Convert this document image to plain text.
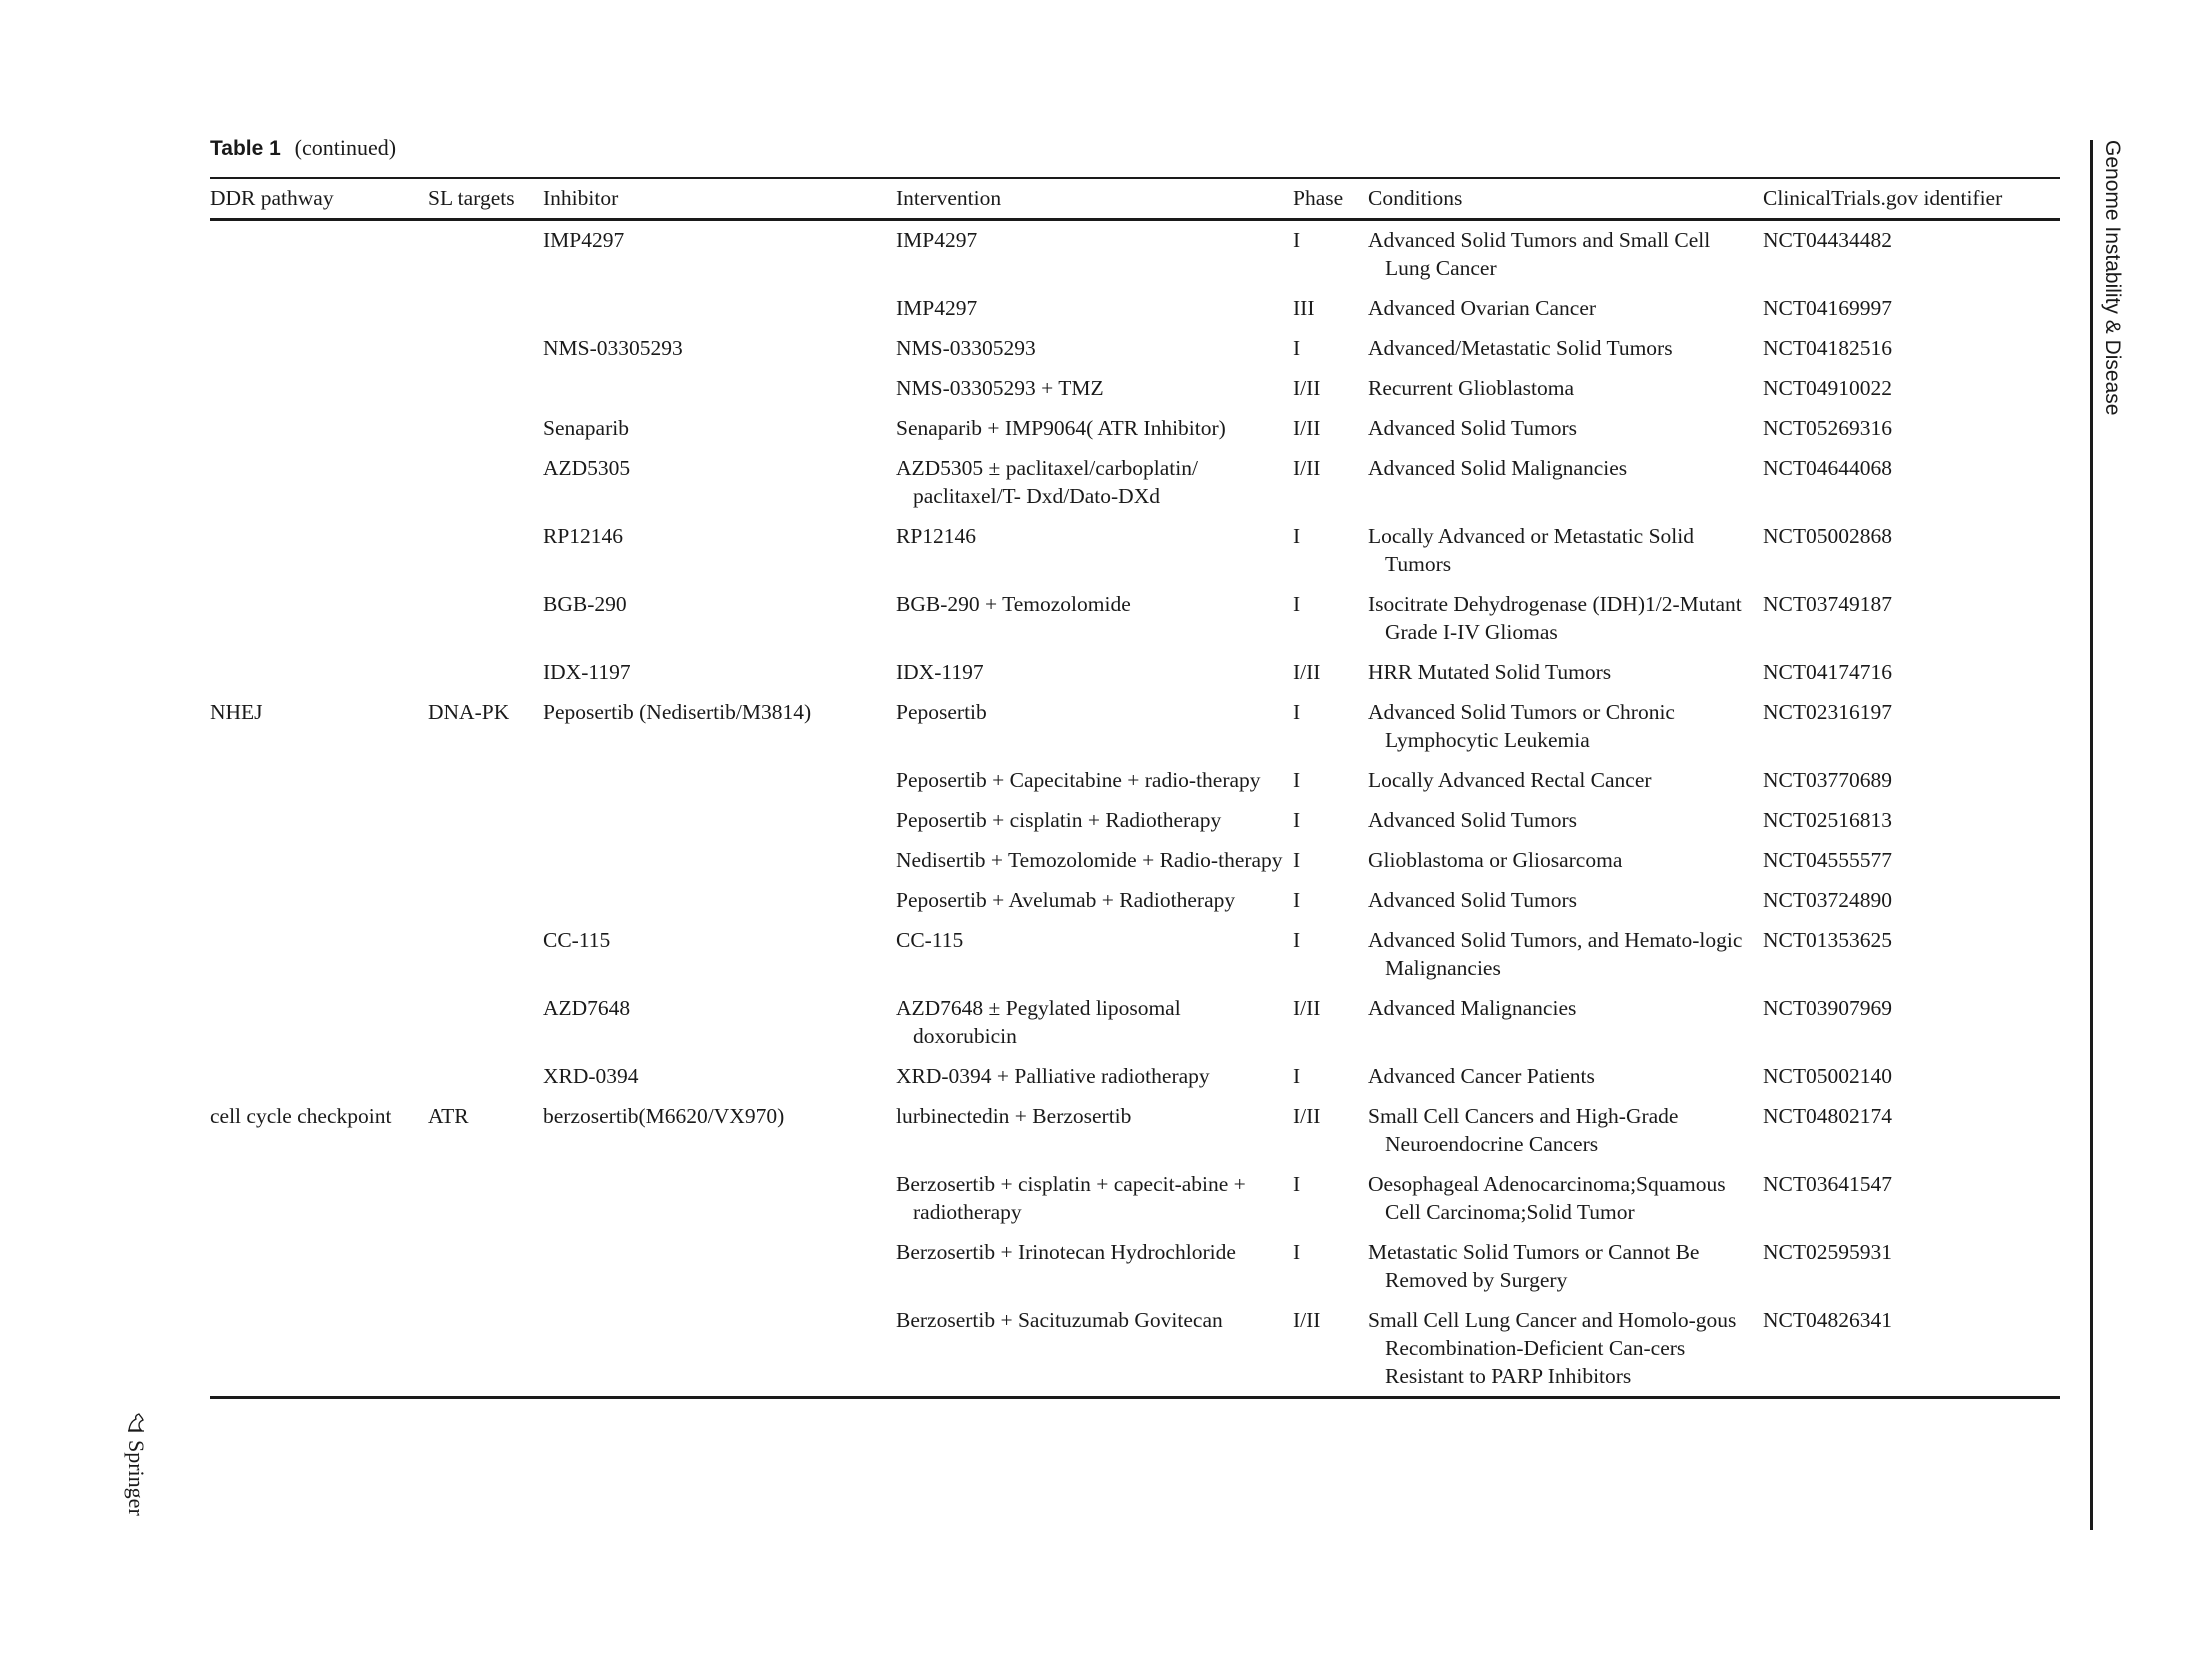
Table 1 (continued)	Genome Instability & Disease
Springer
DDR pathway	SL targets	Inhibitor	Intervention	Phase	Conditions	ClinicalTrials.gov identifier
		IMP4297	IMP4297	I	Advanced Solid Tumors and Small Cell Lung Cancer	NCT04434482

			IMP4297	III	Advanced Ovarian Cancer	NCT04169997
		NMS-03305293	NMS-03305293	I	Advanced/Metastatic Solid Tumors	NCT04182516

			NMS-03305293 + TMZ	I/II	Recurrent Glioblastoma	NCT04910022
		Senaparib	Senaparib + IMP9064( ATR Inhibitor)	I/II	Advanced Solid Tumors	NCT05269316
		AZD5305	AZD5305 ± paclitaxel/carboplatin/ paclitaxel/T- Dxd/Dato-DXd	I/II	Advanced Solid Malignancies	NCT04644068
		RP12146	RP12146	I	Locally Advanced or Metastatic Solid Tumors	NCT05002868
		BGB-290	BGB-290 + Temozolomide	I	Isocitrate Dehydrogenase (IDH)1/2-Mutant Grade I-IV Gliomas	NCT03749187
		IDX-1197	IDX-1197	I/II	HRR Mutated Solid Tumors	NCT04174716
NHEJ	DNA-PK	Peposertib (Nedisertib/M3814)	Peposertib	I	Advanced Solid Tumors or Chronic Lymphocytic Leukemia	NCT02316197

			Peposertib + Capecitabine + radio-therapy	I	Locally Advanced Rectal Cancer	NCT03770689

			Peposertib + cisplatin + Radiotherapy	I	Advanced Solid Tumors	NCT02516813

			Nedisertib + Temozolomide + Radio-therapy	I	Glioblastoma or Gliosarcoma	NCT04555577

			Peposertib + Avelumab + Radiotherapy	I	Advanced Solid Tumors	NCT03724890
		CC-115	CC-115	I	Advanced Solid Tumors, and Hemato-logic Malignancies	NCT01353625
		AZD7648	AZD7648 ± Pegylated liposomal doxorubicin	I/II	Advanced Malignancies	NCT03907969
		XRD-0394	XRD-0394 + Palliative radiotherapy	I	Advanced Cancer Patients	NCT05002140
cell cycle checkpoint	ATR	berzosertib(M6620/VX970)	lurbinectedin + Berzosertib	I/II	Small Cell Cancers and High-Grade Neuroendocrine Cancers	NCT04802174

			Berzosertib + cisplatin + capecit-abine + radiotherapy	I	Oesophageal Adenocarcinoma;Squamous Cell Carcinoma;Solid Tumor	NCT03641547

			Berzosertib + Irinotecan Hydrochloride	I	Metastatic Solid Tumors or Cannot Be Removed by Surgery	NCT02595931

			Berzosertib + Sacituzumab Govitecan	I/II	Small Cell Lung Cancer and Homolo-gous Recombination-Deficient Can-cers Resistant to PARP Inhibitors	NCT04826341
